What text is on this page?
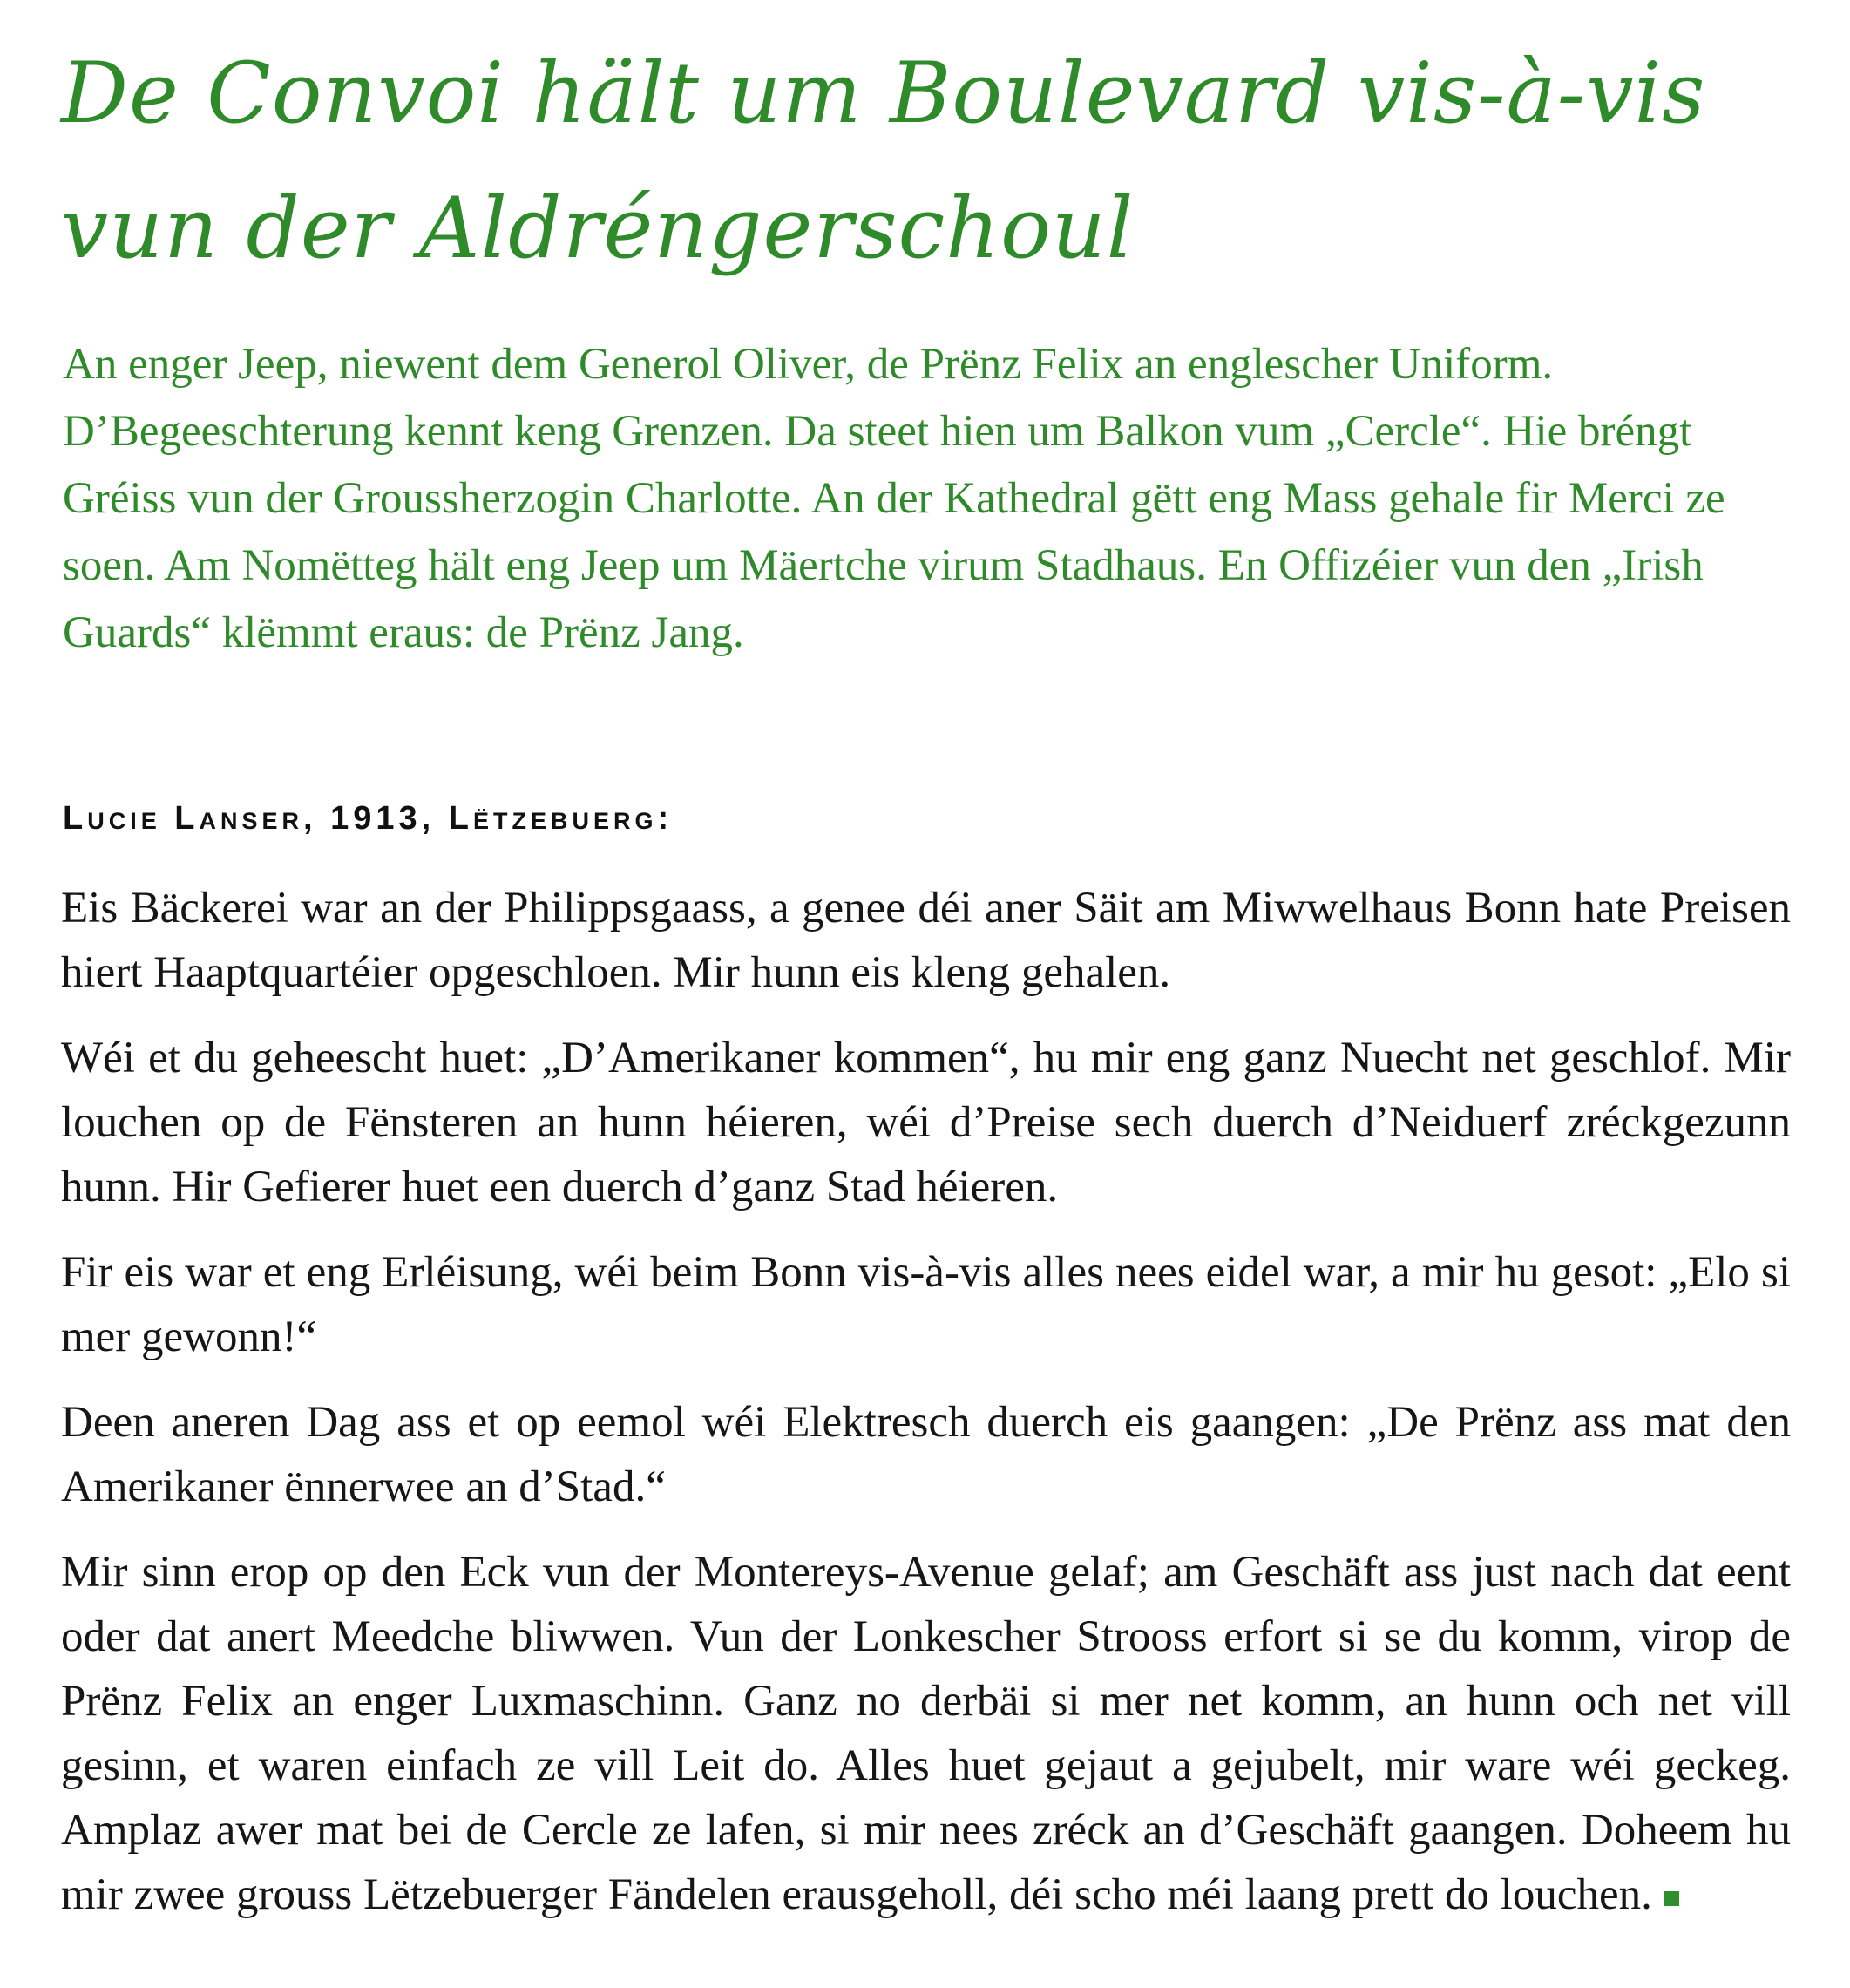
De Convoi hält um Boulevard vis-à-vis vun der Aldréngerschoul

An enger Jeep, niewent dem Generol Oliver, de Prënz Felix an englescher Uniform. D’Begeeschterung kennt keng Grenzen. Da steet hien um Balkon vum „Cercle“. Hie bréngt Gréiss vun der Groussherzogin Charlotte. An der Kathedral gëtt eng Mass gehale fir Merci ze soen. Am Nomëtteg hält eng Jeep um Mäertche virum Stadhaus. En Offizéier vun den „Irish Guards“ klëmmt eraus: de Prënz Jang.

Lucie Lanser, 1913, Lëtzebuerg:

Eis Bäckerei war an der Philippsgaass, a genee déi aner Säit am Miwwelhaus Bonn hate Preisen hiert Haaptquartéier opgeschloen. Mir hunn eis kleng gehalen.

Wéi et du geheescht huet: „D’Amerikaner kommen“, hu mir eng ganz Nuecht net geschlof. Mir louchen op de Fënsteren an hunn héieren, wéi d’Preise sech duerch d’Neiduerf zréckgezunn hunn. Hir Gefierer huet een duerch d’ganz Stad héieren.

Fir eis war et eng Erléisung, wéi beim Bonn vis-à-vis alles nees eidel war, a mir hu gesot: „Elo si mer gewonn!“

Deen aneren Dag ass et op eemol wéi Elektresch duerch eis gaangen: „De Prënz ass mat den Amerikaner ënnerwee an d’Stad.“

Mir sinn erop op den Eck vun der Montereys-Avenue gelaf; am Geschäft ass just nach dat eent oder dat anert Meedche bliwwen. Vun der Lonkescher Strooss erfort si se du komm, virop de Prënz Felix an enger Luxmaschinn. Ganz no derbäi si mer net komm, an hunn och net vill gesinn, et waren einfach ze vill Leit do. Alles huet gejaut a gejubelt, mir ware wéi geckeg. Amplaz awer mat bei de Cercle ze lafen, si mir nees zréck an d’Geschäft gaangen. Doheem hu mir zwee grouss Lëtzebuerger Fändelen erausgeholl, déi scho méi laang prett do louchen.
